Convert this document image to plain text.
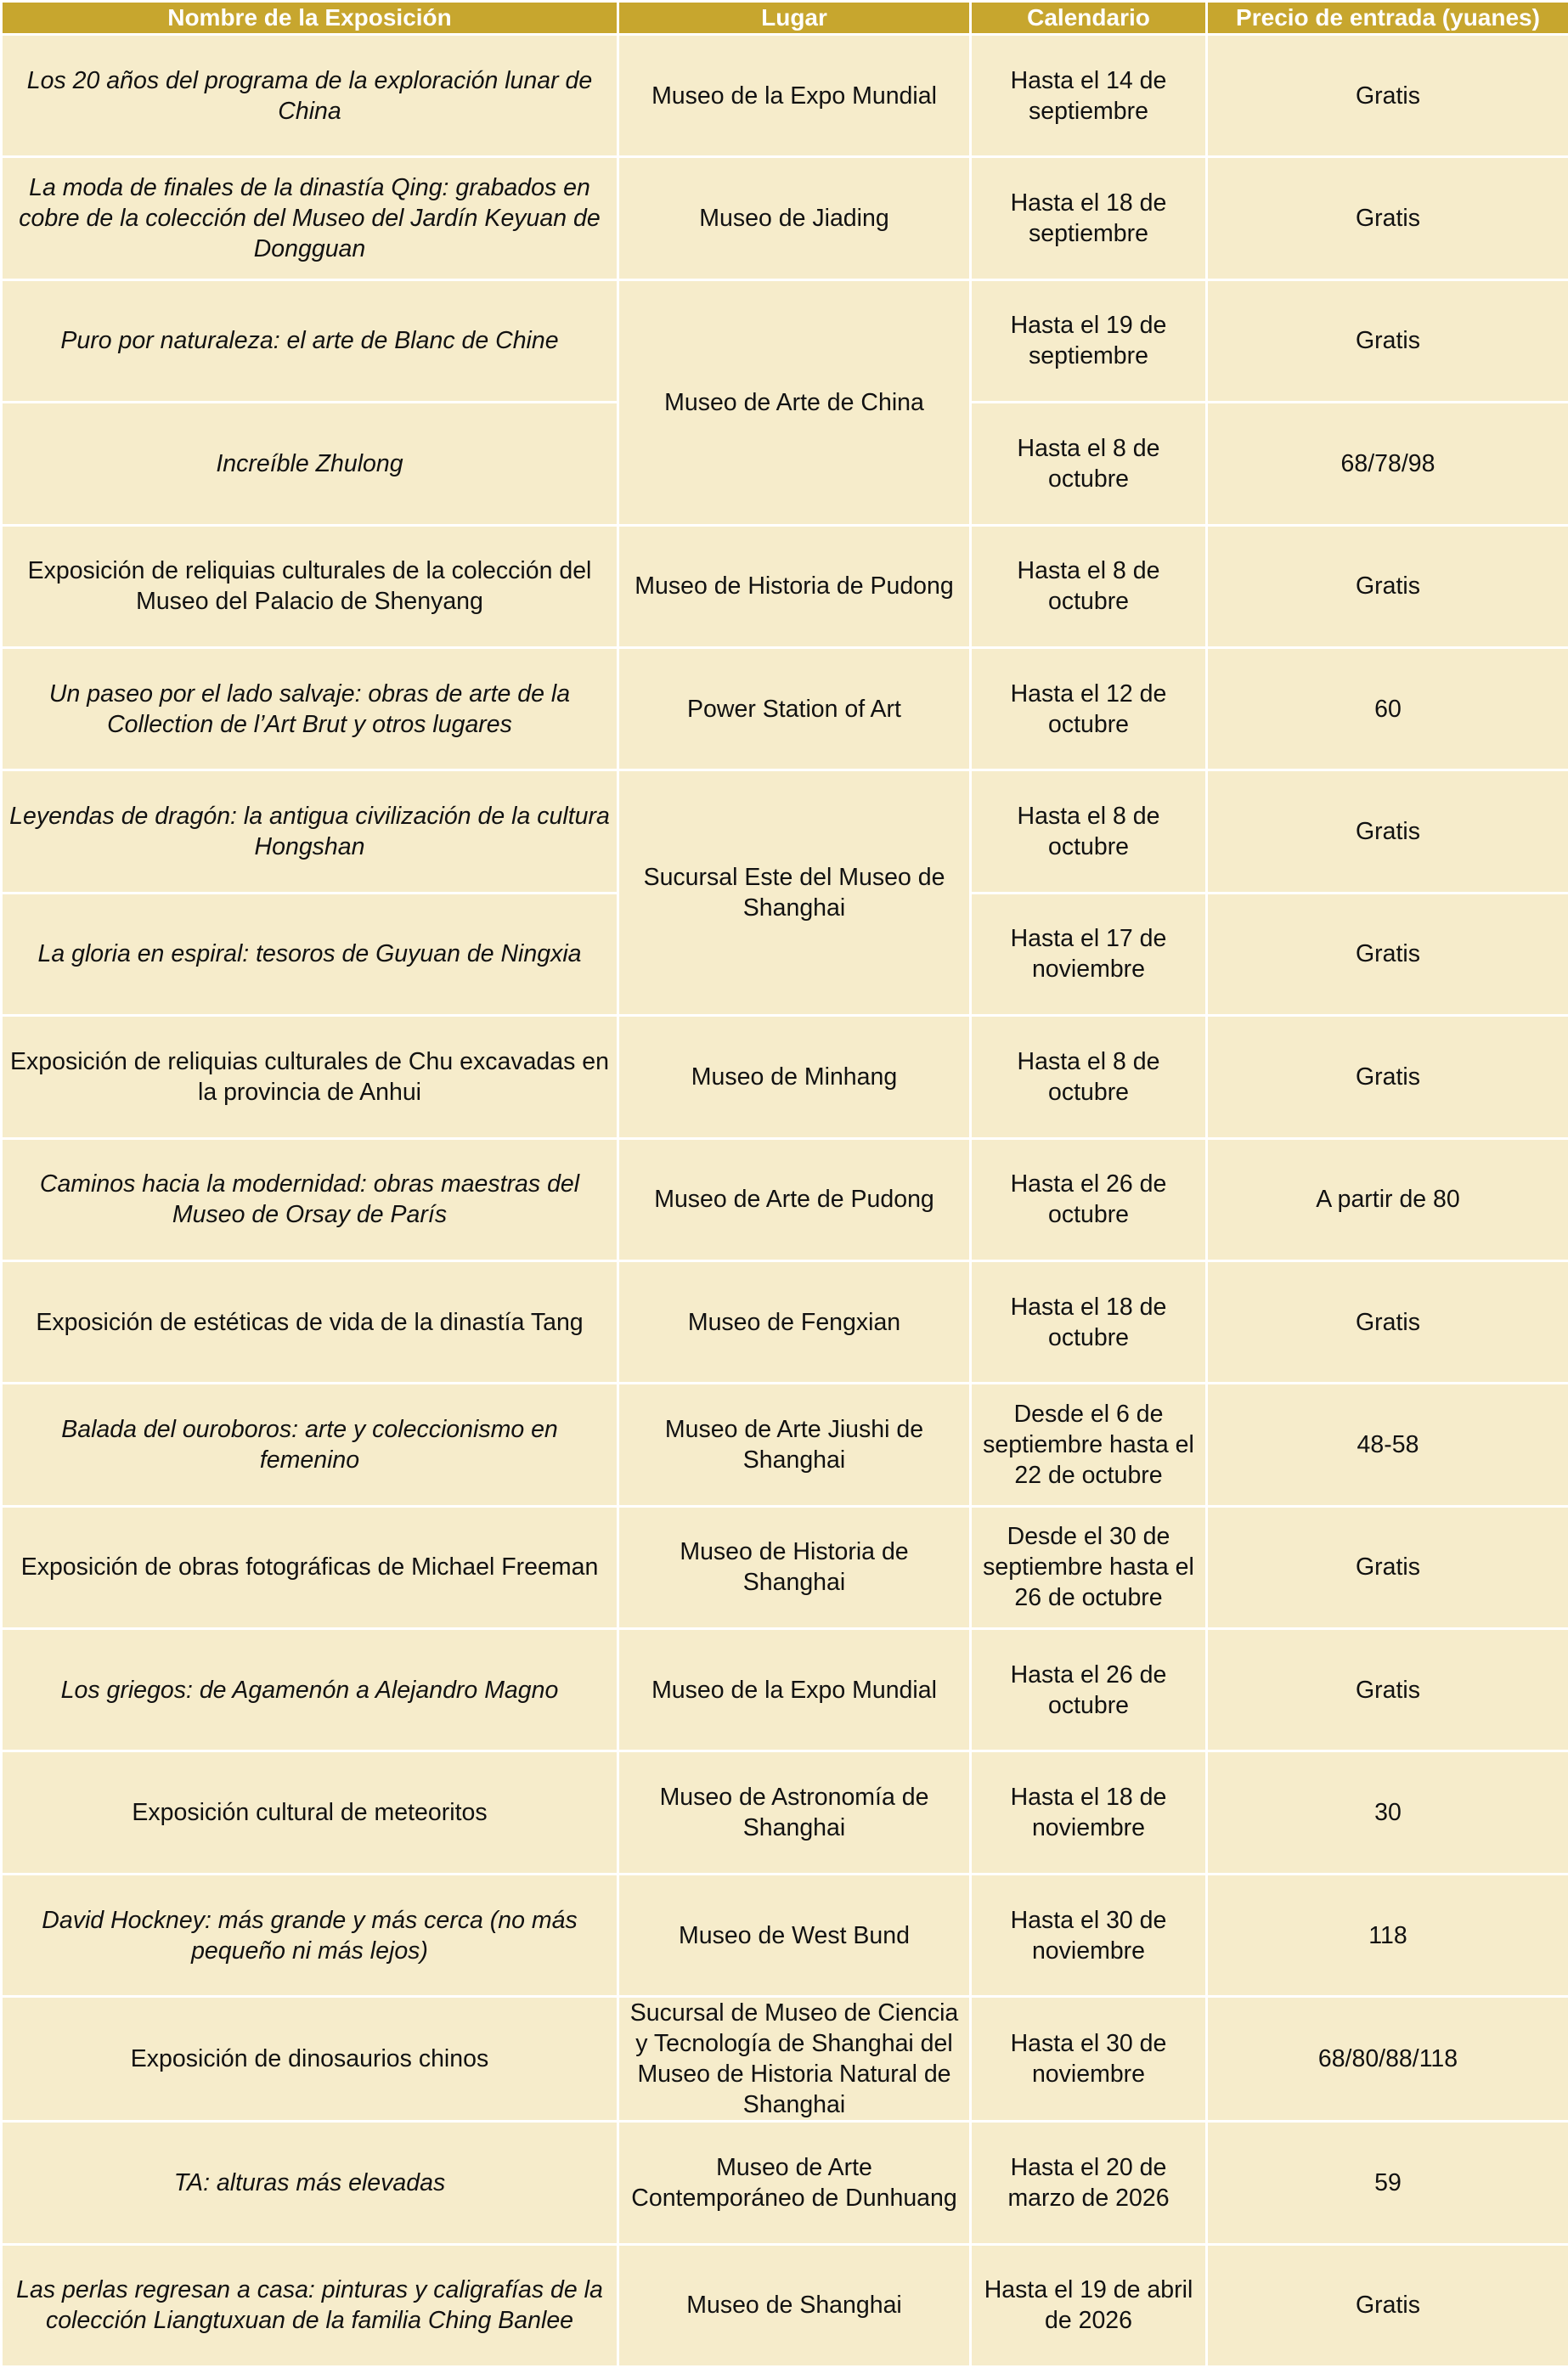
Nombre de la Exposición	Lugar	Calendario	Precio de entrada (yuanes)
Los 20 años del programa de la exploración lunar de China	Museo de la Expo Mundial	Hasta el 14 de septiembre	Gratis
La moda de finales de la dinastía Qing: grabados en cobre de la colección del Museo del Jardín Keyuan de Dongguan	Museo de Jiading	Hasta el 18 de septiembre	Gratis
Puro por naturaleza: el arte de Blanc de Chine	Museo de Arte de China	Hasta el 19 de septiembre	Gratis
Increíble Zhulong		Hasta el 8 de octubre	68/78/98
Exposición de reliquias culturales de la colección del Museo del Palacio de Shenyang	Museo de Historia de Pudong	Hasta el 8 de octubre	Gratis
Un paseo por el lado salvaje: obras de arte de la Collection de l’Art Brut y otros lugares	Power Station of Art	Hasta el 12 de octubre	60
Leyendas de dragón: la antigua civilización de la cultura Hongshan	Sucursal Este del Museo de Shanghai	Hasta el 8 de octubre	Gratis
La gloria en espiral: tesoros de Guyuan de Ningxia		Hasta el 17 de noviembre	Gratis
Exposición de reliquias culturales de Chu excavadas en la provincia de Anhui	Museo de Minhang	Hasta el 8 de octubre	Gratis
Caminos hacia la modernidad: obras maestras del Museo de Orsay de París	Museo de Arte de Pudong	Hasta el 26 de octubre	A partir de 80
Exposición de estéticas de vida de la dinastía Tang	Museo de Fengxian	Hasta el 18 de octubre	Gratis
Balada del ouroboros: arte y coleccionismo en femenino	Museo de Arte Jiushi de Shanghai	Desde el 6 de septiembre hasta el 22 de octubre	48-58
Exposición de obras fotográficas de Michael Freeman	Museo de Historia de Shanghai	Desde el 30 de septiembre hasta el 26 de octubre	Gratis
Los griegos: de Agamenón a Alejandro Magno	Museo de la Expo Mundial	Hasta el 26 de octubre	Gratis
Exposición cultural de meteoritos	Museo de Astronomía de Shanghai	Hasta el 18 de noviembre	30
David Hockney: más grande y más cerca (no más pequeño ni más lejos)	Museo de West Bund	Hasta el 30 de noviembre	118
Exposición de dinosaurios chinos	Sucursal de Museo de Ciencia y Tecnología de Shanghai del Museo de Historia Natural de Shanghai	Hasta el 30 de noviembre	68/80/88/118
TA: alturas más elevadas	Museo de Arte Contemporáneo de Dunhuang	Hasta el 20 de marzo de 2026	59
Las perlas regresan a casa: pinturas y caligrafías de la colección Liangtuxuan de la familia Ching Banlee	Museo de Shanghai	Hasta el 19 de abril de 2026	Gratis
